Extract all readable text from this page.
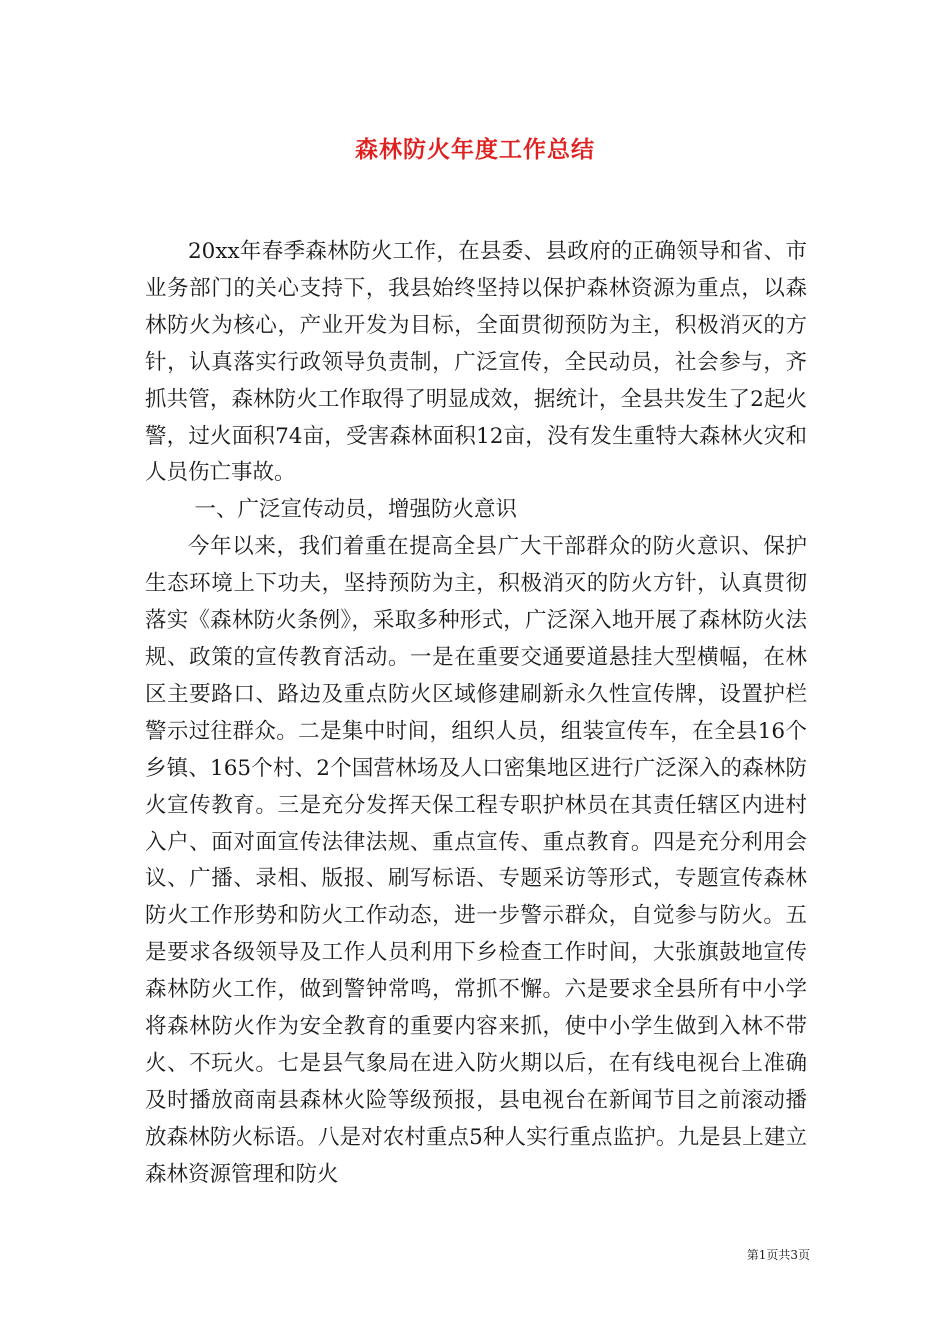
森林防火年度工作总结

20xx年春季森林防火工作，在县委、县政府的正确领导和省、市业务部门的关心支持下，我县始终坚持以保护森林资源为重点，以森林防火为核心，产业开发为目标，全面贯彻预防为主，积极消灭的方针，认真落实行政领导负责制，广泛宣传，全民动员，社会参与，齐抓共管，森林防火工作取得了明显成效，据统计，全县共发生了2起火警，过火面积74亩，受害森林面积12亩，没有发生重特大森林火灾和人员伤亡事故。

一、广泛宣传动员，增强防火意识

今年以来，我们着重在提高全县广大干部群众的防火意识、保护生态环境上下功夫，坚持预防为主，积极消灭的防火方针，认真贯彻落实《森林防火条例》，采取多种形式，广泛深入地开展了森林防火法规、政策的宣传教育活动。一是在重要交通要道悬挂大型横幅，在林区主要路口、路边及重点防火区域修建刷新永久性宣传牌，设置护栏警示过往群众。二是集中时间，组织人员，组装宣传车，在全县16个乡镇、165个村、2个国营林场及人口密集地区进行广泛深入的森林防火宣传教育。三是充分发挥天保工程专职护林员在其责任辖区内进村入户、面对面宣传法律法规、重点宣传、重点教育。四是充分利用会议、广播、录相、版报、刷写标语、专题采访等形式，专题宣传森林防火工作形势和防火工作动态，进一步警示群众，自觉参与防火。五是要求各级领导及工作人员利用下乡检查工作时间，大张旗鼓地宣传森林防火工作，做到警钟常鸣，常抓不懈。六是要求全县所有中小学将森林防火作为安全教育的重要内容来抓，使中小学生做到入林不带火、不玩火。七是县气象局在进入防火期以后，在有线电视台上准确及时播放商南县森林火险等级预报，县电视台在新闻节目之前滚动播放森林防火标语。八是对农村重点5种人实行重点监护。九是县上建立森林资源管理和防火

第1页共3页
